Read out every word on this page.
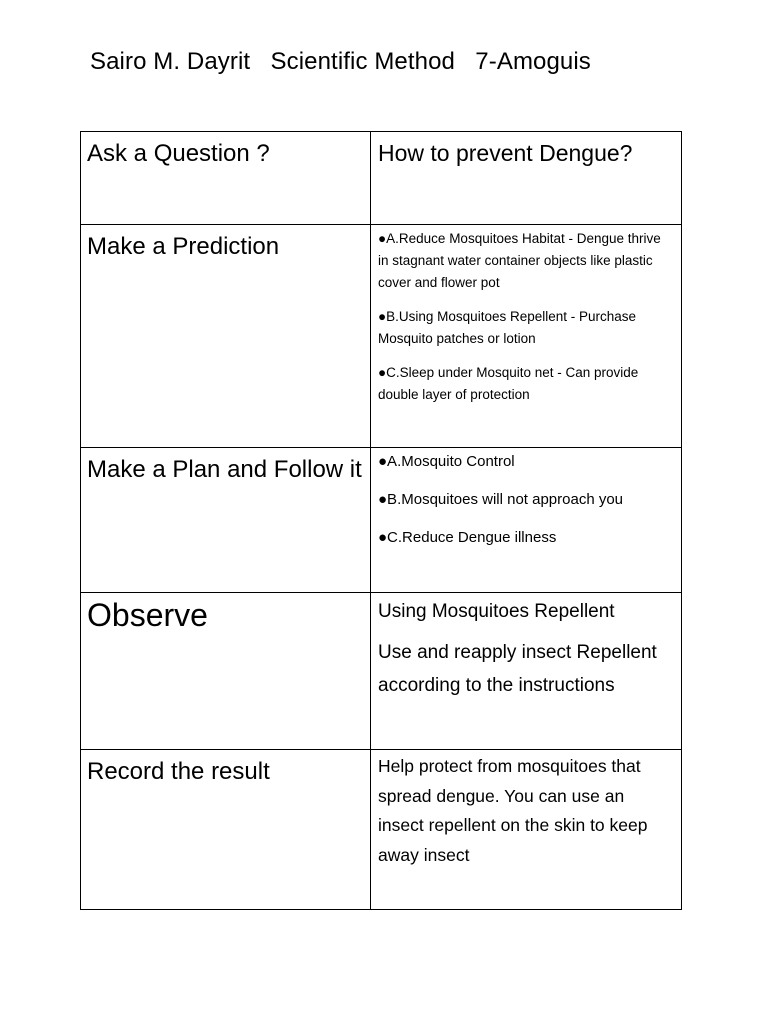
Sairo M. Dayrit Scientific Method 7-Amoguis
Ask a Question ?	How to prevent Dengue?

Make a Prediction	●A.Reduce Mosquitoes Habitat - Dengue thrive in stagnant water container objects like plastic cover and flower pot

●B.Using Mosquitoes Repellent - Purchase Mosquito patches or lotion

●C.Sleep under Mosquito net - Can provide double layer of protection

Make a Plan and Follow it	●A.Mosquito Control

●B.Mosquitoes will not approach you

●C.Reduce Dengue illness

Observe	Using Mosquitoes Repellent

Use and reapply insect Repellent according to the instructions

Record the result	Help protect from mosquitoes that spread dengue. You can use an insect repellent on the skin to keep away insect
